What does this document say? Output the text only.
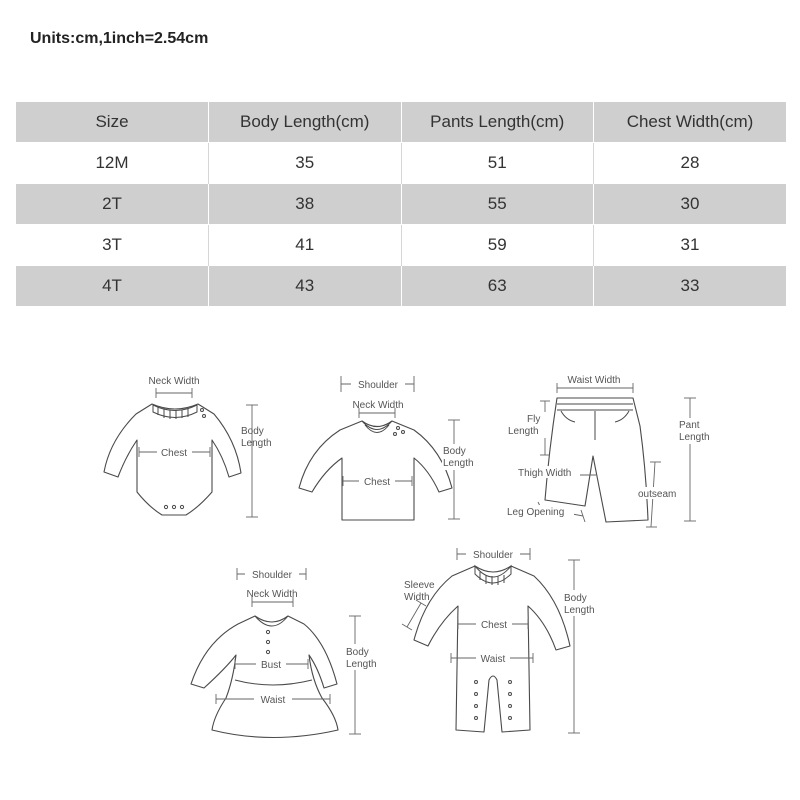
Units:cm,1inch=2.54cm
Size	Body Length(cm)	Pants Length(cm)	Chest Width(cm)
12M	35	51	28
2T	38	55	30
3T	41	59	31
4T	43	63	33
Neck Width
Chest
Body
Length
Shoulder
Neck Width
Chest
Body
Length
Waist Width
Fly
Length
Pant
Length
Thigh Width
outseam
Leg Opening
Shoulder
Neck Width
Bust
Waist
Body
Length
Shoulder
Sleeve
Width
Chest
Waist
Body
Length
